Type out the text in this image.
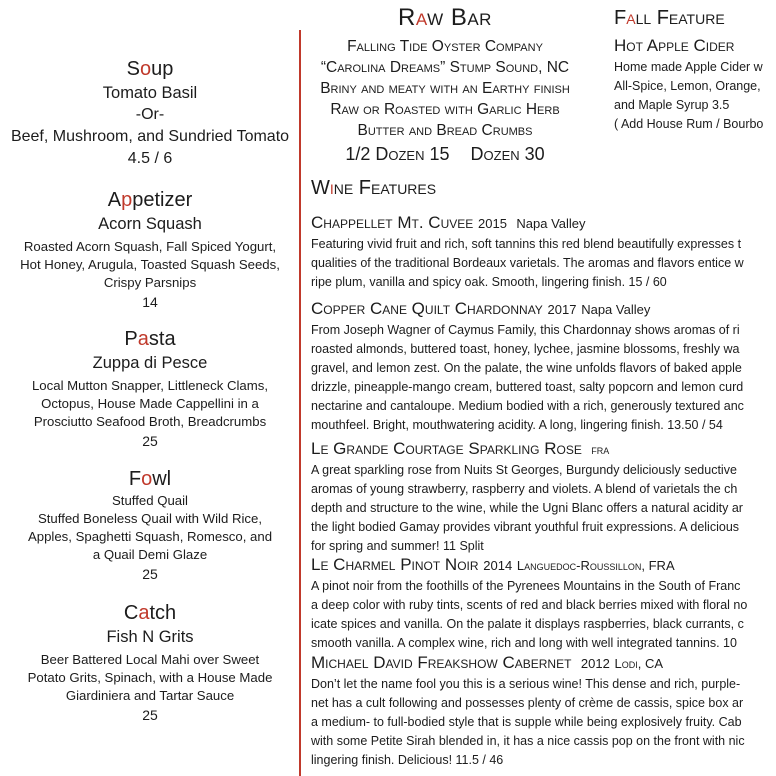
Soup
Tomato Basil
-Or-
Beef, Mushroom, and Sundried Tomato
4.5 / 6
Appetizer
Acorn Squash
Roasted Acorn Squash, Fall Spiced Yogurt,
Hot Honey, Arugula, Toasted Squash Seeds,
Crispy Parsnips
14
Pasta
Zuppa di Pesce
Local Mutton Snapper, Littleneck Clams,
Octopus, House Made Cappellini in a
Prosciutto Seafood Broth, Breadcrumbs
25
Fowl
Stuffed Quail
Stuffed Boneless Quail with Wild Rice,
Apples, Spaghetti Squash, Romesco, and
a Quail Demi Glaze
25
Catch
Fish N Grits
Beer Battered Local Mahi over Sweet
Potato Grits, Spinach, with a House Made
Giardiniera and Tartar Sauce
25
Raw Bar
Falling Tide Oyster Company
“Carolina Dreams” Stump Sound, NC
Briny and meaty with an Earthy finish
Raw or Roasted with Garlic Herb
Butter and Bread Crumbs
1/2 Dozen 15 Dozen 30
Fall Feature
Hot Apple Cider
Home made Apple Cider w
All-Spice, Lemon, Orange,
and Maple Syrup 3.5
( Add House Rum / Bourbo
Wine Features
Chappellet Mt. Cuvee 2015 Napa Valley
Featuring vivid fruit and rich, soft tannins this red blend beautifully expresses t
qualities of the traditional Bordeaux varietals. The aromas and flavors entice w
ripe plum, vanilla and spicy oak. Smooth, lingering finish. 15 / 60
Copper Cane Quilt Chardonnay 2017 Napa Valley
From Joseph Wagner of Caymus Family, this Chardonnay shows aromas of ri
roasted almonds, buttered toast, honey, lychee, jasmine blossoms, freshly wa
gravel, and lemon zest. On the palate, the wine unfolds flavors of baked apple
drizzle, pineapple-mango cream, buttered toast, salty popcorn and lemon curd
nectarine and cantaloupe. Medium bodied with a rich, generously textured anc
mouthfeel. Bright, mouthwatering acidity. A long, lingering finish. 13.50 / 54
Le Grande Courtage Sparkling Rose fra
A great sparkling rose from Nuits St Georges, Burgundy deliciously seductive
aromas of young strawberry, raspberry and violets. A blend of varietals the ch
depth and structure to the wine, while the Ugni Blanc offers a natural acidity ar
the light bodied Gamay provides vibrant youthful fruit expressions. A delicious
for spring and summer! 11 Split
Le Charmel Pinot Noir 2014 Languedoc-Roussillon, FRA
A pinot noir from the foothills of the Pyrenees Mountains in the South of Franc
a deep color with ruby tints, scents of red and black berries mixed with floral no
icate spices and vanilla. On the palate it displays raspberries, black currants, c
smooth vanilla. A complex wine, rich and long with well integrated tannins. 10
Michael David Freakshow Cabernet 2012 Lodi, CA
Don’t let the name fool you this is a serious wine! This dense and rich, purple-
net has a cult following and possesses plenty of crème de cassis, spice box ar
a medium- to full-bodied style that is supple while being explosively fruity. Cab
with some Petite Sirah blended in, it has a nice cassis pop on the front with nic
lingering finish. Delicious! 11.5 / 46
